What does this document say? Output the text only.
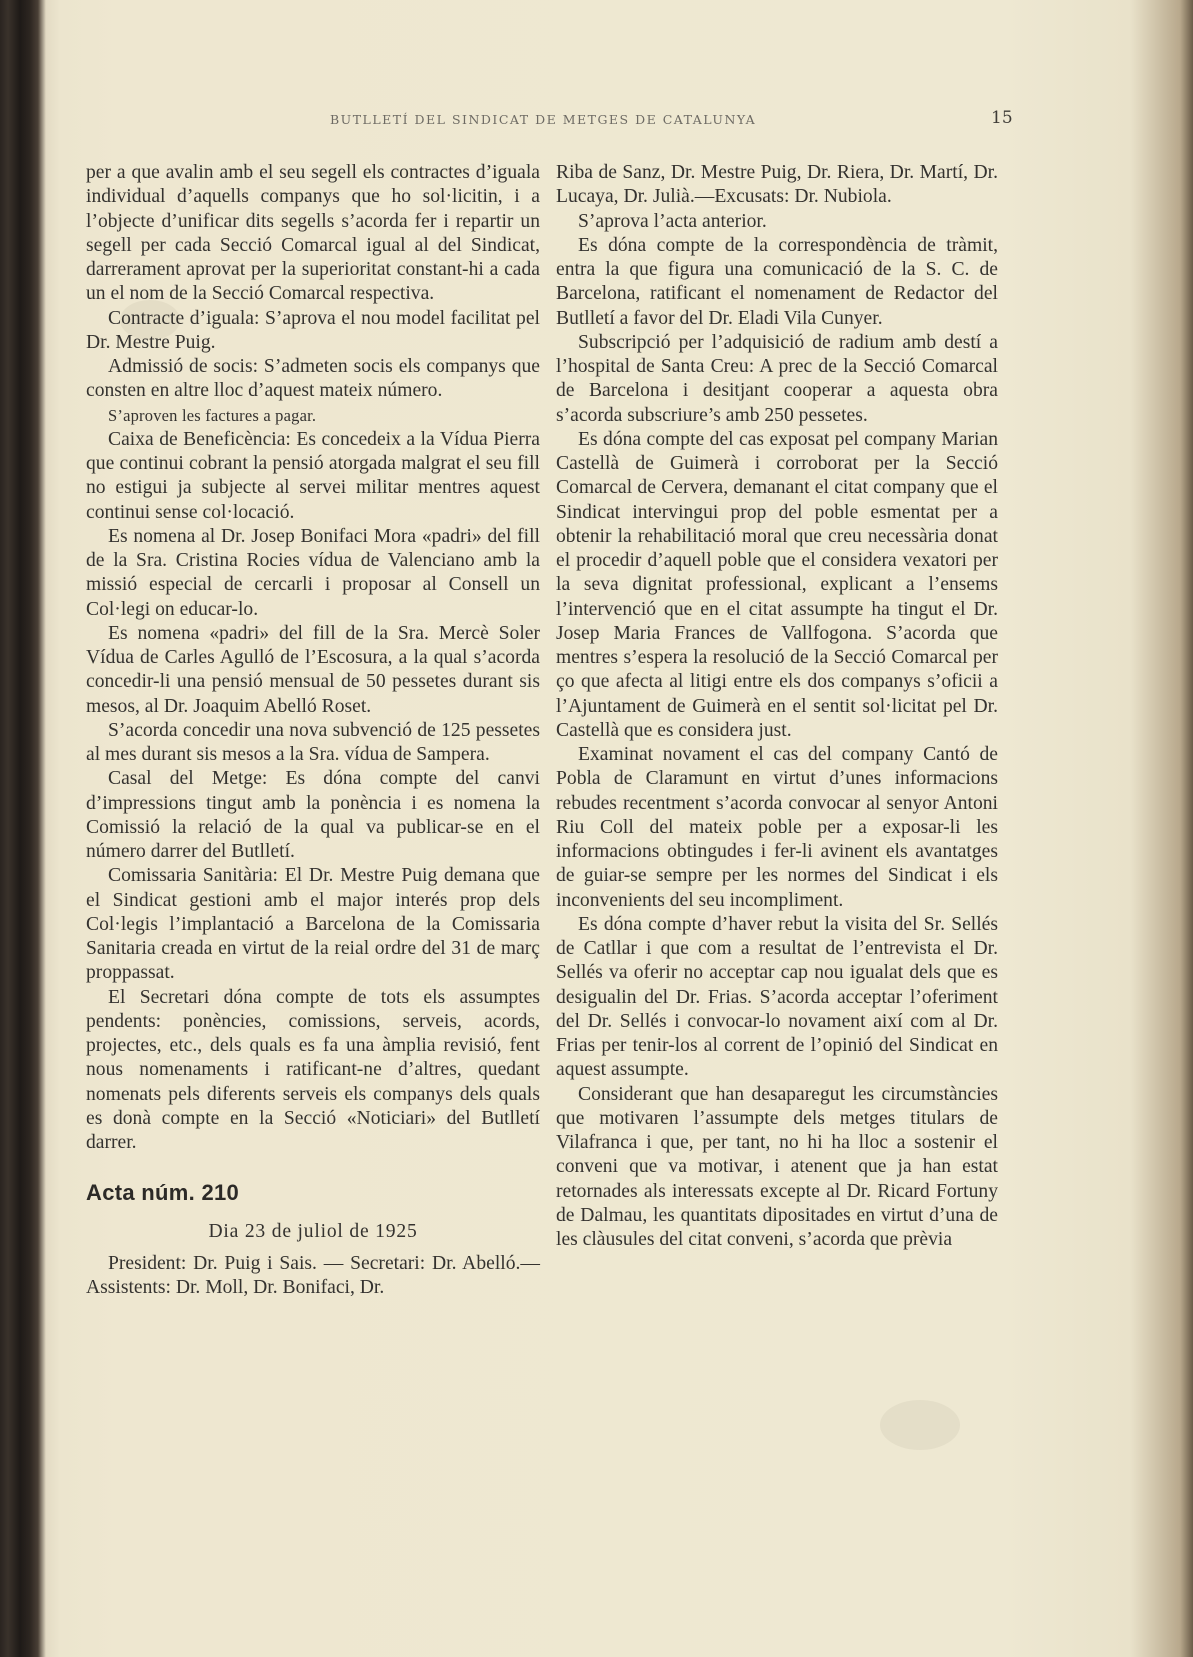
BUTLLETÍ DEL SINDICAT DE METGES DE CATALUNYA	15

per a que avalin amb el seu segell els contractes d’iguala individual d’aquells companys que ho sol·licitin, i a l’objecte d’unificar dits segells s’acorda fer i repartir un segell per cada Secció Comarcal igual al del Sindicat, darrerament aprovat per la superioritat constant-hi a cada un el nom de la Secció Comarcal respectiva.

Contracte d’iguala: S’aprova el nou model facilitat pel Dr. Mestre Puig.

Admissió de socis: S’admeten socis els companys que consten en altre lloc d’aquest mateix número.

S’aproven les factures a pagar.

Caixa de Beneficència: Es concedeix a la Vídua Pierra que continui cobrant la pensió atorgada malgrat el seu fill no estigui ja subjecte al servei militar mentres aquest continui sense col·locació.

Es nomena al Dr. Josep Bonifaci Mora «padri» del fill de la Sra. Cristina Rocies vídua de Valenciano amb la missió especial de cercarli i proposar al Consell un Col·legi on educar-lo.

Es nomena «padri» del fill de la Sra. Mercè Soler Vídua de Carles Agulló de l’Escosura, a la qual s’acorda concedir-li una pensió mensual de 50 pessetes durant sis mesos, al Dr. Joaquim Abelló Roset.

S’acorda concedir una nova subvenció de 125 pessetes al mes durant sis mesos a la Sra. vídua de Sampera.

Casal del Metge: Es dóna compte del canvi d’impressions tingut amb la ponència i es nomena la Comissió la relació de la qual va publicar-se en el número darrer del Butlletí.

Comissaria Sanitària: El Dr. Mestre Puig demana que el Sindicat gestioni amb el major interés prop dels Col·legis l’implantació a Barcelona de la Comissaria Sanitaria creada en virtut de la reial ordre del 31 de març proppassat.

El Secretari dóna compte de tots els assumptes pendents: ponències, comissions, serveis, acords, projectes, etc., dels quals es fa una àmplia revisió, fent nous nomenaments i ratificant-ne d’altres, quedant nomenats pels diferents serveis els companys dels quals es donà compte en la Secció «Noticiari» del Butlletí darrer.

Acta núm. 210

Dia 23 de juliol de 1925

President: Dr. Puig i Sais. — Secretari: Dr. Abelló.—Assistents: Dr. Moll, Dr. Bonifaci, Dr.

Riba de Sanz, Dr. Mestre Puig, Dr. Riera, Dr. Martí, Dr. Lucaya, Dr. Julià.—Excusats: Dr. Nubiola.

S’aprova l’acta anterior.

Es dóna compte de la correspondència de tràmit, entra la que figura una comunicació de la S. C. de Barcelona, ratificant el nomenament de Redactor del Butlletí a favor del Dr. Eladi Vila Cunyer.

Subscripció per l’adquisició de radium amb destí a l’hospital de Santa Creu: A prec de la Secció Comarcal de Barcelona i desitjant cooperar a aquesta obra s’acorda subscriure’s amb 250 pessetes.

Es dóna compte del cas exposat pel company Marian Castellà de Guimerà i corroborat per la Secció Comarcal de Cervera, demanant el citat company que el Sindicat intervingui prop del poble esmentat per a obtenir la rehabilitació moral que creu necessària donat el procedir d’aquell poble que el considera vexatori per la seva dignitat professional, explicant a l’ensems l’intervenció que en el citat assumpte ha tingut el Dr. Josep Maria Frances de Vallfogona. S’acorda que mentres s’espera la resolució de la Secció Comarcal per ço que afecta al litigi entre els dos companys s’oficii a l’Ajuntament de Guimerà en el sentit sol·licitat pel Dr. Castellà que es considera just.

Examinat novament el cas del company Cantó de Pobla de Claramunt en virtut d’unes informacions rebudes recentment s’acorda convocar al senyor Antoni Riu Coll del mateix poble per a exposar-li les informacions obtingudes i fer-li avinent els avantatges de guiar-se sempre per les normes del Sindicat i els inconvenients del seu incompliment.

Es dóna compte d’haver rebut la visita del Sr. Sellés de Catllar i que com a resultat de l’entrevista el Dr. Sellés va oferir no acceptar cap nou igualat dels que es desigualin del Dr. Frias. S’acorda acceptar l’oferiment del Dr. Sellés i convocar-lo novament així com al Dr. Frias per tenir-los al corrent de l’opinió del Sindicat en aquest assumpte.

Considerant que han desaparegut les circumstàncies que motivaren l’assumpte dels metges titulars de Vilafranca i que, per tant, no hi ha lloc a sostenir el conveni que va motivar, i atenent que ja han estat retornades als interessats excepte al Dr. Ricard Fortuny de Dalmau, les quantitats dipositades en virtut d’una de les clàusules del citat conveni, s’acorda que prèvia
